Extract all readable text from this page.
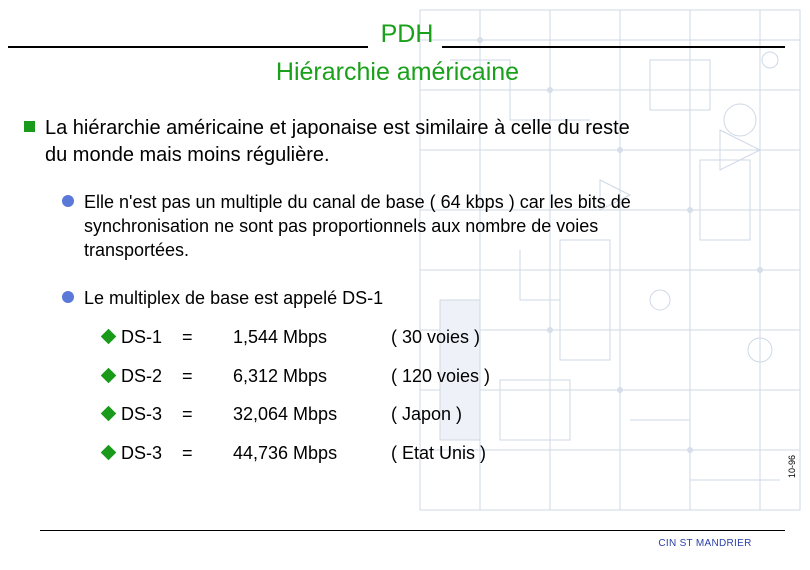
PDH
Hiérarchie américaine
La hiérarchie américaine et japonaise est similaire à celle du reste
du monde mais moins régulière.
Elle n'est pas un multiple du canal de base ( 64 kbps ) car les bits de
synchronisation ne sont pas proportionnels aux nombre de voies
transportées.
Le multiplex de base est appelé DS-1
DS-1 = 1,544 Mbps	( 30 voies )
DS-2 = 6,312 Mbps	( 120 voies )
DS-3 = 32,064 Mbps	( Japon )
DS-3 = 44,736 Mbps	( Etat Unis )
10-96
CIN ST MANDRIER
